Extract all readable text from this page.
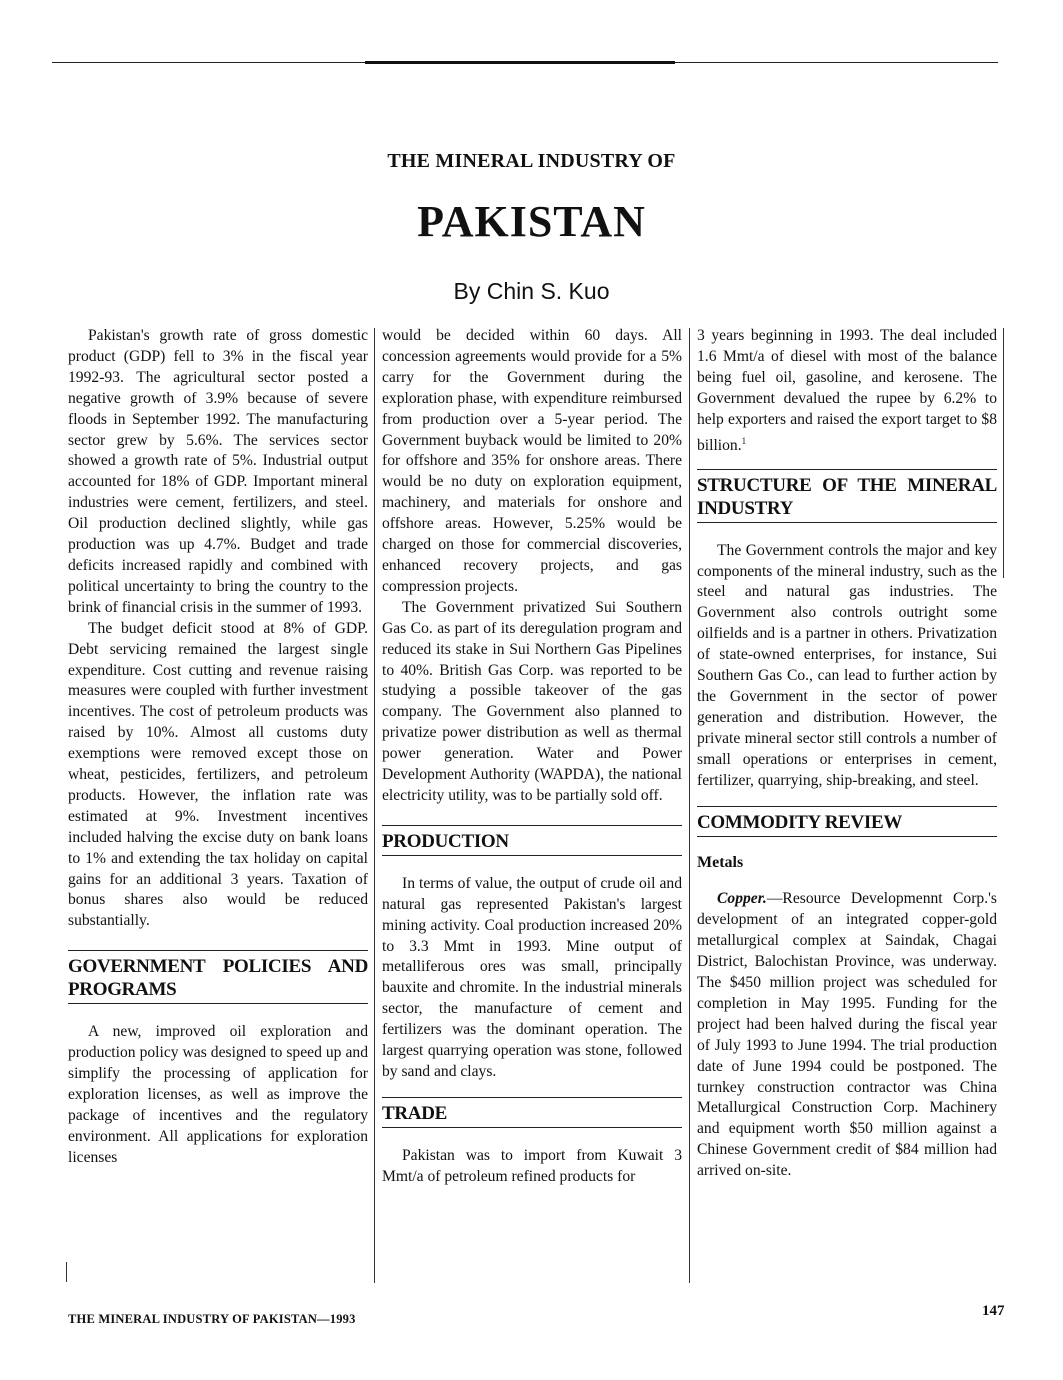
THE MINERAL INDUSTRY OF
PAKISTAN
By Chin S. Kuo

Pakistan's growth rate of gross domestic product (GDP) fell to 3% in the fiscal year 1992-93. The agricultural sector posted a negative growth of 3.9% because of severe floods in September 1992. The manufacturing sector grew by 5.6%. The services sector showed a growth rate of 5%. Industrial output accounted for 18% of GDP. Important mineral industries were cement, fertilizers, and steel. Oil production declined slightly, while gas production was up 4.7%. Budget and trade deficits increased rapidly and combined with political uncertainty to bring the country to the brink of financial crisis in the summer of 1993.

The budget deficit stood at 8% of GDP. Debt servicing remained the largest single expenditure. Cost cutting and revenue raising measures were coupled with further investment incentives. The cost of petroleum products was raised by 10%. Almost all customs duty exemptions were removed except those on wheat, pesticides, fertilizers, and petroleum products. However, the inflation rate was estimated at 9%. Investment incentives included halving the excise duty on bank loans to 1% and extending the tax holiday on capital gains for an additional 3 years. Taxation of bonus shares also would be reduced substantially.

GOVERNMENT POLICIES AND PROGRAMS

A new, improved oil exploration and production policy was designed to speed up and simplify the processing of application for exploration licenses, as well as improve the package of incentives and the regulatory environment. All applications for exploration licenses

would be decided within 60 days. All concession agreements would provide for a 5% carry for the Government during the exploration phase, with expenditure reimbursed from production over a 5-year period. The Government buyback would be limited to 20% for offshore and 35% for onshore areas. There would be no duty on exploration equipment, machinery, and materials for onshore and offshore areas. However, 5.25% would be charged on those for commercial discoveries, enhanced recovery projects, and gas compression projects.

The Government privatized Sui Southern Gas Co. as part of its deregulation program and reduced its stake in Sui Northern Gas Pipelines to 40%. British Gas Corp. was reported to be studying a possible takeover of the gas company. The Government also planned to privatize power distribution as well as thermal power generation. Water and Power Development Authority (WAPDA), the national electricity utility, was to be partially sold off.

PRODUCTION

In terms of value, the output of crude oil and natural gas represented Pakistan's largest mining activity. Coal production increased 20% to 3.3 Mmt in 1993. Mine output of metalliferous ores was small, principally bauxite and chromite. In the industrial minerals sector, the manufacture of cement and fertilizers was the dominant operation. The largest quarrying operation was stone, followed by sand and clays.

TRADE

Pakistan was to import from Kuwait 3 Mmt/a of petroleum refined products for

3 years beginning in 1993. The deal included 1.6 Mmt/a of diesel with most of the balance being fuel oil, gasoline, and kerosene. The Government devalued the rupee by 6.2% to help exporters and raised the export target to $8 billion.$^1$

STRUCTURE OF THE MINERAL INDUSTRY

The Government controls the major and key components of the mineral industry, such as the steel and natural gas industries. The Government also controls outright some oilfields and is a partner in others. Privatization of state-owned enterprises, for instance, Sui Southern Gas Co., can lead to further action by the Government in the sector of power generation and distribution. However, the private mineral sector still controls a number of small operations or enterprises in cement, fertilizer, quarrying, ship-breaking, and steel.

COMMODITY REVIEW
Metals

Copper.—Resource Developmennt Corp.'s development of an integrated copper-gold metallurgical complex at Saindak, Chagai District, Balochistan Province, was underway. The $450 million project was scheduled for completion in May 1995. Funding for the project had been halved during the fiscal year of July 1993 to June 1994. The trial production date of June 1994 could be postponed. The turnkey construction contractor was China Metallurgical Construction Corp. Machinery and equipment worth $50 million against a Chinese Government credit of $84 million had arrived on-site.

THE MINERAL INDUSTRY OF PAKISTAN—1993	147
